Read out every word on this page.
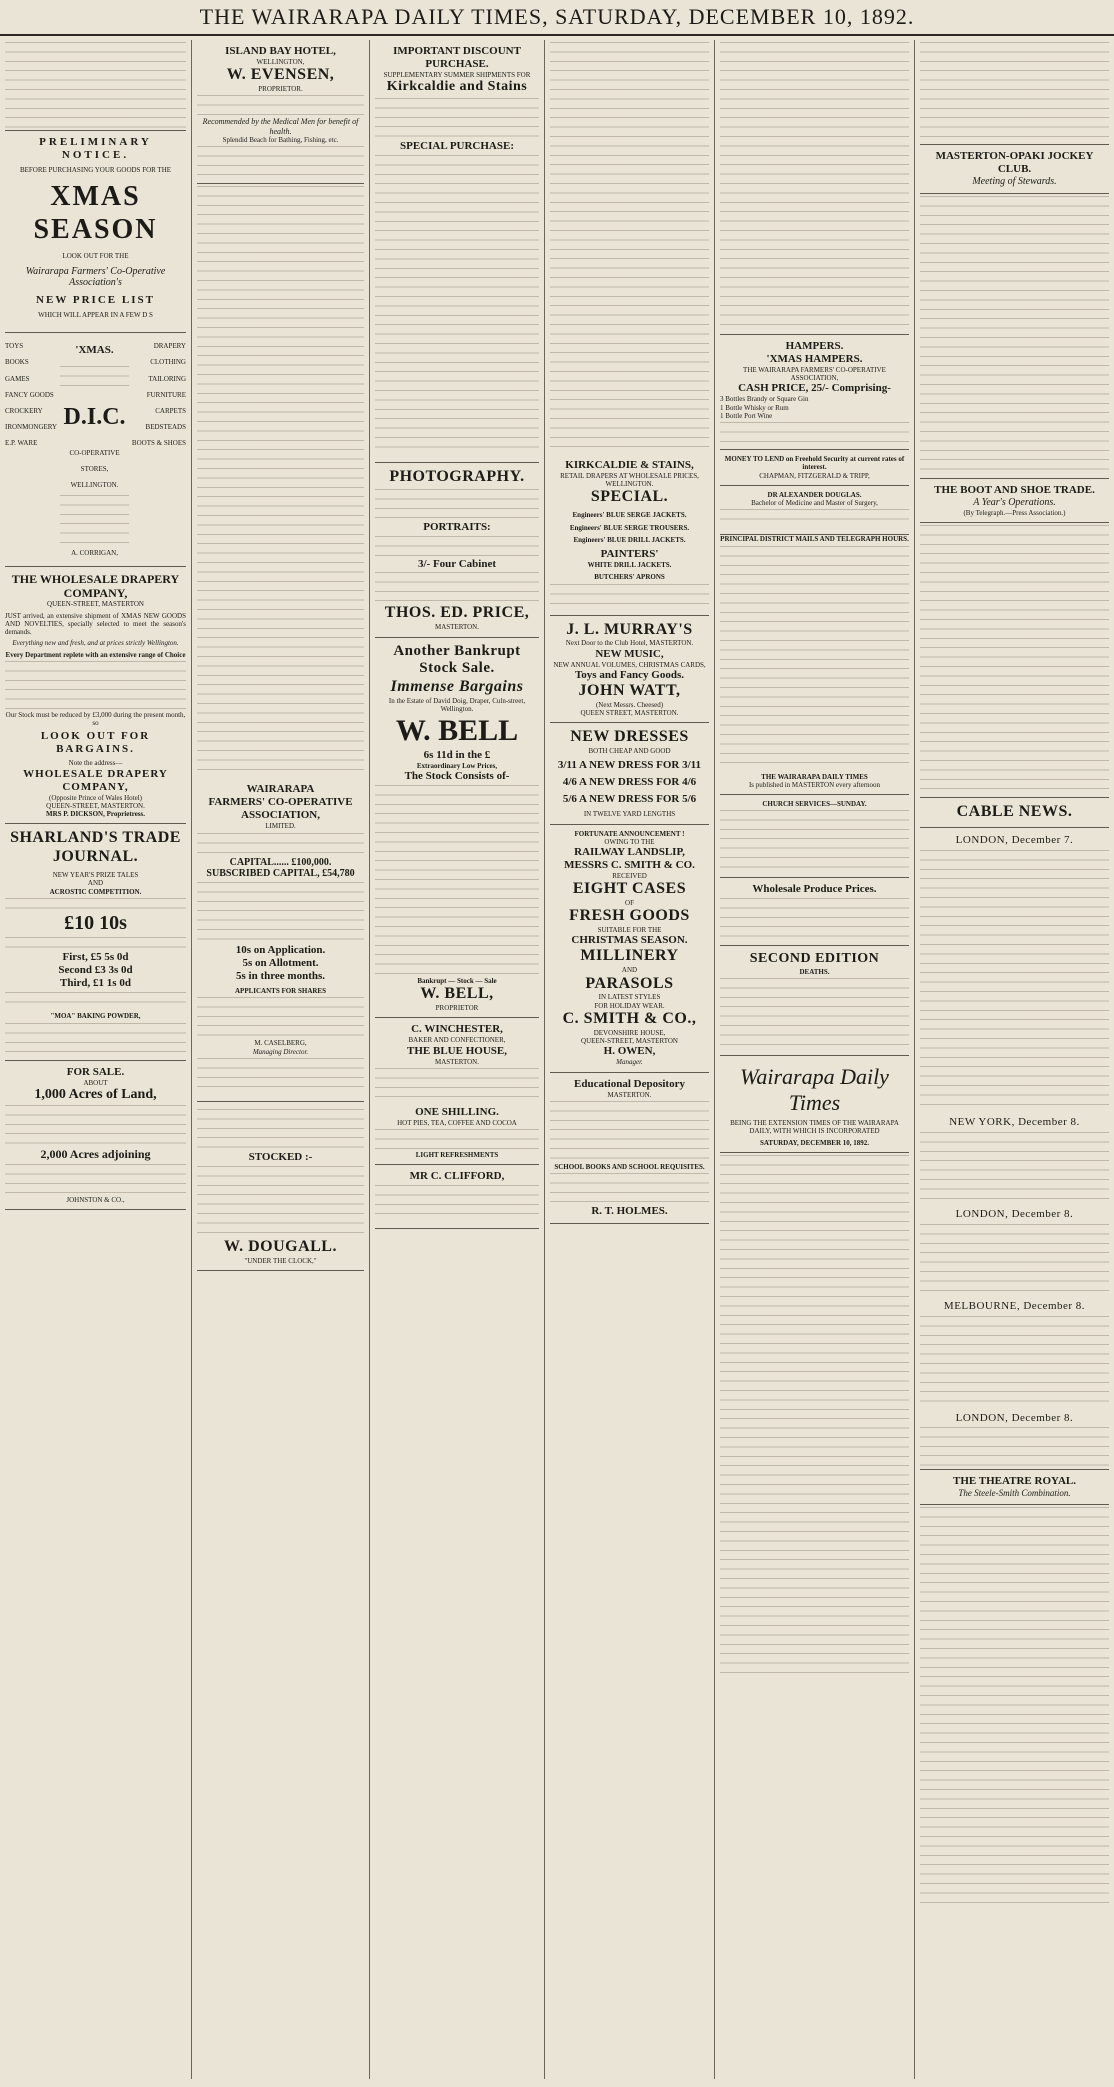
THE WAIRARAPA DAILY TIMES, SATURDAY, DECEMBER 10, 1892.
PRELIMINARY NOTICE.
BEFORE PURCHASING YOUR GOODS FOR THE
XMAS SEASON
LOOK OUT FOR THE
Wairarapa Farmers' Co-Operative Association's
NEW PRICE LIST
WHICH WILL APPEAR IN A FEW D S
TOYS
BOOKS
GAMES
FANCY GOODS
CROCKERY
IRONMONGERY
E.P. WARE
'XMAS.
D.I.C.
CO-OPERATIVE STORES, WELLINGTON.
A. CORRIGAN,
DRAPERY
CLOTHING
TAILORING
FURNITURE
CARPETS
BEDSTEADS
BOOTS & SHOES
THE WHOLESALE DRAPERY COMPANY,
QUEEN-STREET, MASTERTON
JUST arrived, an extensive shipment of XMAS NEW GOODS AND NOVELTIES, specially selected to meet the season's demands.
Everything new and fresh, and at prices strictly Wellington.
Every Department replete with an extensive range of Choice
Our Stock must be reduced by £3,000 during the present month, so
LOOK OUT FOR BARGAINS.
Note the address—
WHOLESALE DRAPERY COMPANY,
(Opposite Prince of Wales Hotel)
QUEEN-STREET, MASTERTON.
MRS P. DICKSON, Proprietress.
SHARLAND'S TRADE
JOURNAL.
NEW YEAR'S PRIZE TALES
AND
ACROSTIC COMPETITION.
£10 10s
First, £5 5s 0d
Second £3 3s 0d
Third, £1 1s 0d
"MOA" BAKING POWDER,
FOR SALE.
ABOUT
1,000 Acres of Land,
2,000 Acres adjoining
JOHNSTON & CO.,
ISLAND BAY HOTEL,
WELLINGTON,
W. EVENSEN,
PROPRIETOR.
Recommended by the Medical Men for benefit of health.
Splendid Beach for Bathing, Fishing, etc.
WAIRARAPA
FARMERS' CO-OPERATIVE
ASSOCIATION,
LIMITED.
CAPITAL...... £100,000.
SUBSCRIBED CAPITAL, £54,780
10s on Application.
5s on Allotment.
5s in three months.
APPLICANTS FOR SHARES
M. CASELBERG,
Managing Director.
STOCKED :-
W. DOUGALL.
"UNDER THE CLOCK,"
IMPORTANT DISCOUNT
PURCHASE.
SUPPLEMENTARY SUMMER SHIPMENTS FOR
Kirkcaldie and Stains
SPECIAL PURCHASE:
PHOTOGRAPHY.
PORTRAITS:
3/- Four Cabinet
THOS. ED. PRICE,
MASTERTON.
Another Bankrupt
Stock Sale.
Immense Bargains
In the Estate of David Doig, Draper, Culn-street, Wellington.
W. BELL
6s 11d in the £
Extraordinary Low Prices,
The Stock Consists of-
Bankrupt — Stock — Sale
W. BELL,
PROPRIETOR
C. WINCHESTER,
BAKER AND CONFECTIONER,
THE BLUE HOUSE,
MASTERTON.
ONE SHILLING.
HOT PIES, TEA, COFFEE AND COCOA
LIGHT REFRESHMENTS
MR C. CLIFFORD,
KIRKCALDIE & STAINS,
RETAIL DRAPERS AT WHOLESALE PRICES, WELLINGTON.
SPECIAL.
Engineers' BLUE SERGE JACKETS.
Engineers' BLUE SERGE TROUSERS.
Engineers' BLUE DRILL JACKETS.
PAINTERS'
WHITE DRILL JACKETS.
BUTCHERS' APRONS
J. L. MURRAY'S
Next Door to the Club Hotel, MASTERTON.
NEW MUSIC,
NEW ANNUAL VOLUMES, CHRISTMAS CARDS,
Toys and Fancy Goods.
JOHN WATT,
(Next Messrs. Cheesed)
QUEEN STREET, MASTERTON.
NEW DRESSES
BOTH CHEAP AND GOOD
3/11 A NEW DRESS FOR 3/11
4/6 A NEW DRESS FOR 4/6
5/6 A NEW DRESS FOR 5/6
IN TWELVE YARD LENGTHS
FORTUNATE ANNOUNCEMENT !
OWING TO THE
RAILWAY LANDSLIP,
MESSRS C. SMITH & CO.
RECEIVED
EIGHT CASES
OF
FRESH GOODS
SUITABLE FOR THE
CHRISTMAS SEASON.
MILLINERY
AND
PARASOLS
IN LATEST STYLES
FOR HOLIDAY WEAR.
C. SMITH & CO.,
DEVONSHIRE HOUSE,
QUEEN-STREET, MASTERTON
H. OWEN,
Manager.
Educational Depository
MASTERTON.
SCHOOL BOOKS AND SCHOOL REQUISITES.
R. T. HOLMES.
HAMPERS.
'XMAS HAMPERS.
THE WAIRARAPA FARMERS' CO-OPERATIVE ASSOCIATION,
CASH PRICE, 25/- Comprising-
3 Bottles Brandy or Square Gin
1 Bottle Whisky or Rum
1 Bottle Port Wine
MONEY TO LEND on Freehold Security at current rates of interest.
CHAPMAN, FITZGERALD & TRIPP,
DR ALEXANDER DOUGLAS.
Bachelor of Medicine and Master of Surgery,
PRINCIPAL DISTRICT MAILS AND TELEGRAPH HOURS.
THE WAIRARAPA DAILY TIMES
Is published in MASTERTON every afternoon
CHURCH SERVICES—SUNDAY.
Wholesale Produce Prices.
SECOND EDITION
DEATHS.
Wairarapa Daily Times
BEING THE EXTENSION TIMES OF THE WAIRARAPA DAILY, WITH WHICH IS INCORPORATED
SATURDAY, DECEMBER 10, 1892.
MASTERTON-OPAKI JOCKEY
CLUB.
Meeting of Stewards.
THE BOOT AND SHOE TRADE.
A Year's Operations.
(By Telegraph.—Press Association.)
CABLE NEWS.
LONDON, December 7.
NEW YORK, December 8.
LONDON, December 8.
MELBOURNE, December 8.
LONDON, December 8.
THE THEATRE ROYAL.
The Steele-Smith Combination.
